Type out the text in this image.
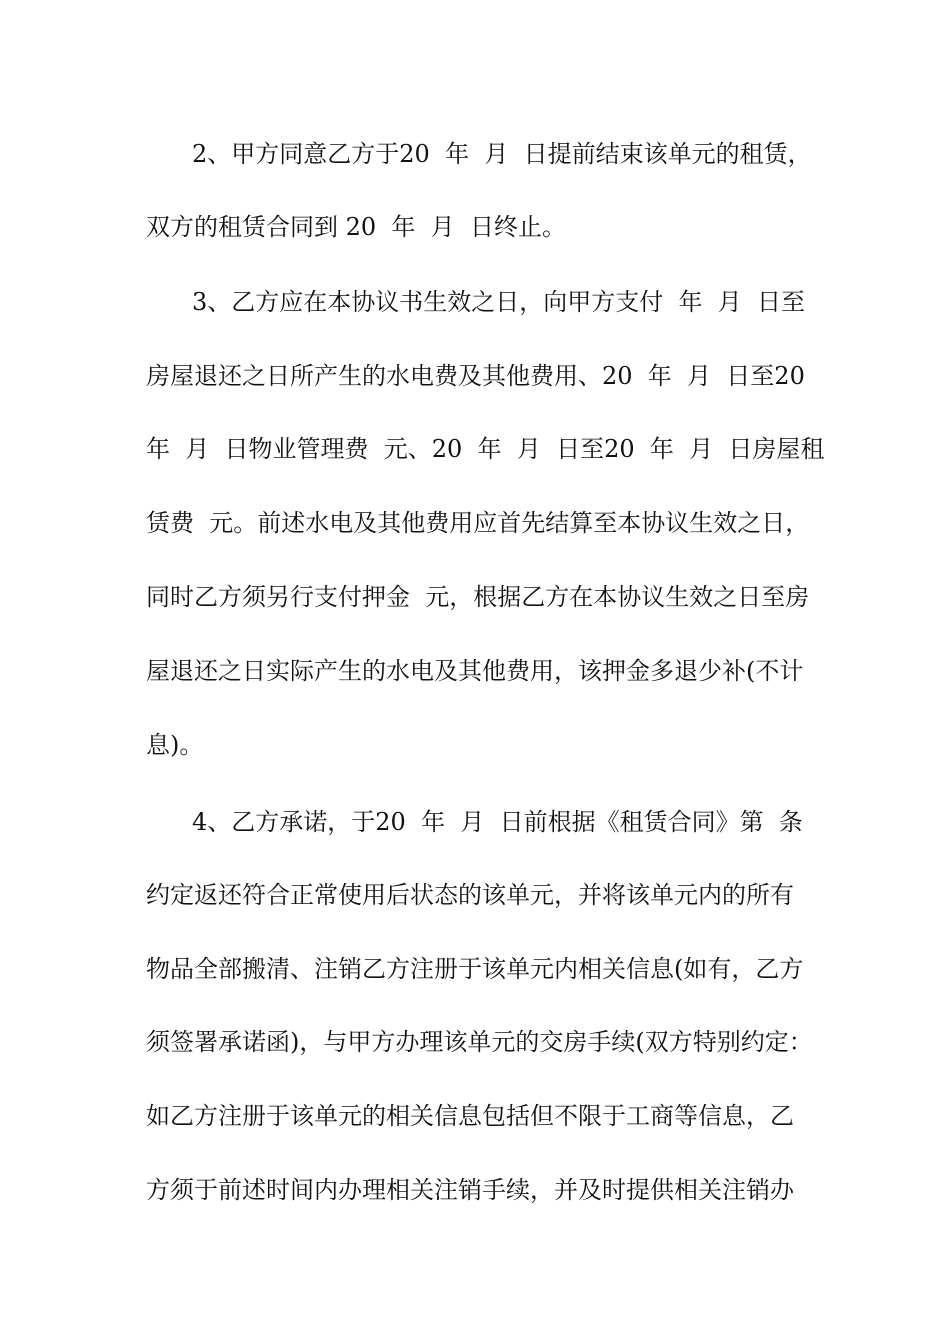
2、甲方同意乙方于20  年  月  日提前结束该单元的租赁，
双方的租赁合同到 20  年  月  日终止。
3、乙方应在本协议书生效之日，向甲方支付  年  月  日至
房屋退还之日所产生的水电费及其他费用、20  年  月  日至20
年  月  日物业管理费  元、20  年  月  日至20  年  月  日房屋租
赁费  元。前述水电及其他费用应首先结算至本协议生效之日，
同时乙方须另行支付押金  元，根据乙方在本协议生效之日至房
屋退还之日实际产生的水电及其他费用，该押金多退少补(不计
息)。
4、乙方承诺，于20  年  月  日前根据《租赁合同》第  条
约定返还符合正常使用后状态的该单元，并将该单元内的所有
物品全部搬清、注销乙方注册于该单元内相关信息(如有，乙方
须签署承诺函)，与甲方办理该单元的交房手续(双方特别约定：
如乙方注册于该单元的相关信息包括但不限于工商等信息，乙
方须于前述时间内办理相关注销手续，并及时提供相关注销办
